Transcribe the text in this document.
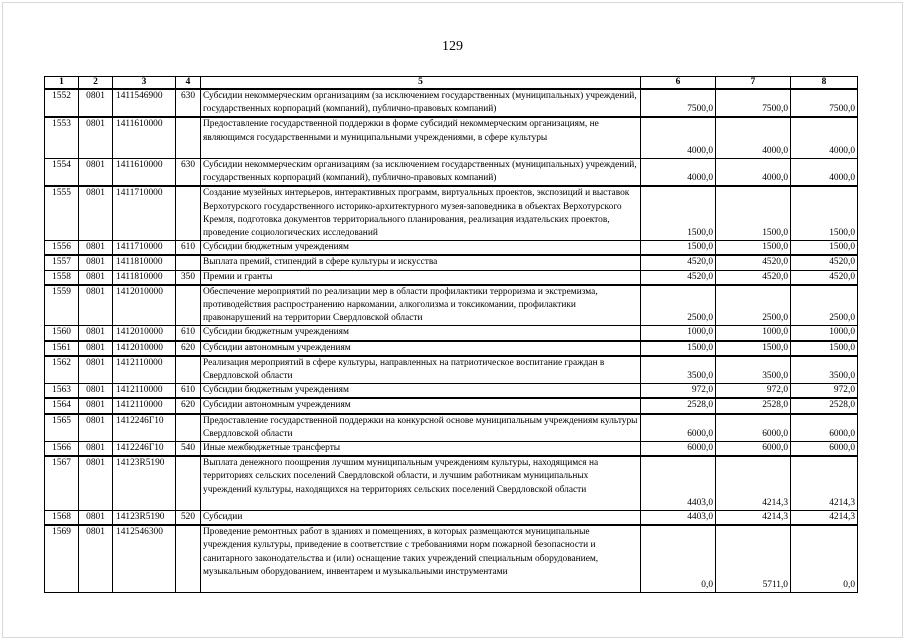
129
1	2	3	4	5	6	7	8
1552	0801	1411546900	630	Субсидии некоммерческим организациям (за исключением государственных (муниципальных) учреждений, государственных корпораций (компаний), публично-правовых компаний)	7500,0	7500,0	7500,0
1553	0801	1411610000		Предоставление государственной поддержки в форме субсидий некоммерческим организациям, не являющимся государственными и муниципальными учреждениями, в сфере культуры	4000,0	4000,0	4000,0
1554	0801	1411610000	630	Субсидии некоммерческим организациям (за исключением государственных (муниципальных) учреждений, государственных корпораций (компаний), публично-правовых компаний)	4000,0	4000,0	4000,0
1555	0801	1411710000		Создание музейных интерьеров, интерактивных программ, виртуальных проектов, экспозиций и выставок Верхотурского государственного историко-архитектурного музея-заповедника в объектах Верхотурского Кремля, подготовка документов территориального планирования, реализация издательских проектов, проведение социологических исследований	1500,0	1500,0	1500,0
1556	0801	1411710000	610	Субсидии бюджетным учреждениям	1500,0	1500,0	1500,0
1557	0801	1411810000		Выплата премий, стипендий в сфере культуры и искусства	4520,0	4520,0	4520,0
1558	0801	1411810000	350	Премии и гранты	4520,0	4520,0	4520,0
1559	0801	1412010000		Обеспечение мероприятий по реализации мер в области профилактики терроризма и экстремизма, противодействия распространению наркомании, алкоголизма и токсикомании, профилактики правонарушений на территории Свердловской области	2500,0	2500,0	2500,0
1560	0801	1412010000	610	Субсидии бюджетным учреждениям	1000,0	1000,0	1000,0
1561	0801	1412010000	620	Субсидии автономным учреждениям	1500,0	1500,0	1500,0
1562	0801	1412110000		Реализация мероприятий в сфере культуры, направленных на патриотическое воспитание граждан в Свердловской области	3500,0	3500,0	3500,0
1563	0801	1412110000	610	Субсидии бюджетным учреждениям	972,0	972,0	972,0
1564	0801	1412110000	620	Субсидии автономным учреждениям	2528,0	2528,0	2528,0
1565	0801	1412246Г10		Предоставление государственной поддержки на конкурсной основе муниципальным учреждениям культуры Свердловской области	6000,0	6000,0	6000,0
1566	0801	1412246Г10	540	Иные межбюджетные трансферты	6000,0	6000,0	6000,0
1567	0801	14123R5190		Выплата денежного поощрения лучшим муниципальным учреждениям культуры, находящимся на территориях сельских поселений Свердловской области, и лучшим работникам муниципальных учреждений культуры, находящихся на территориях сельских поселений Свердловской области	4403,0	4214,3	4214,3
1568	0801	14123R5190	520	Субсидии	4403,0	4214,3	4214,3
1569	0801	1412546300		Проведение ремонтных работ в зданиях и помещениях, в которых размещаются муниципальные учреждения культуры, приведение в соответствие с требованиями норм пожарной безопасности и санитарного законодательства и (или) оснащение таких учреждений специальным оборудованием, музыкальным оборудованием, инвентарем и музыкальными инструментами	0,0	5711,0	0,0
